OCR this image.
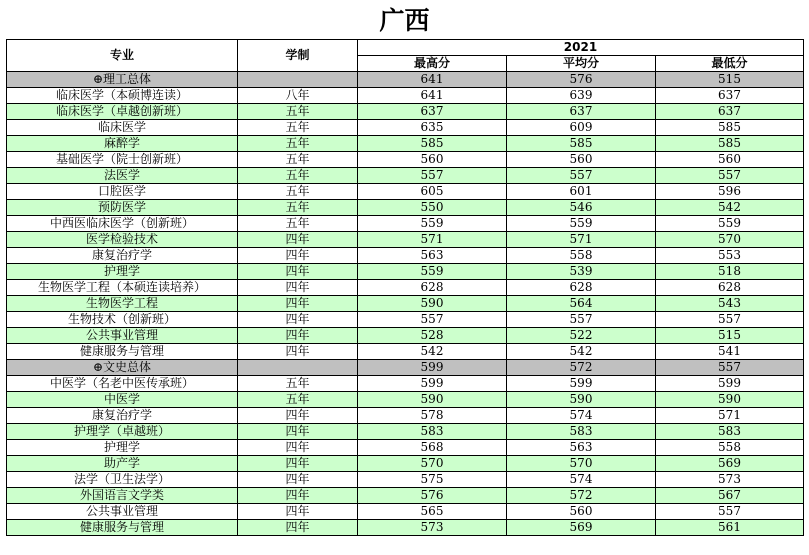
广西
专业	学制	2021		
		最高分	平均分	最低分
⊕理工总体		641	576	515
临床医学（本硕博连读）	八年	641	639	637
临床医学（卓越创新班）	五年	637	637	637
临床医学	五年	635	609	585
麻醉学	五年	585	585	585
基础医学（院士创新班）	五年	560	560	560
法医学	五年	557	557	557
口腔医学	五年	605	601	596
预防医学	五年	550	546	542
中西医临床医学（创新班）	五年	559	559	559
医学检验技术	四年	571	571	570
康复治疗学	四年	563	558	553
护理学	四年	559	539	518
生物医学工程（本硕连读培养）	四年	628	628	628
生物医学工程	四年	590	564	543
生物技术（创新班）	四年	557	557	557
公共事业管理	四年	528	522	515
健康服务与管理	四年	542	542	541
⊕文史总体		599	572	557
中医学（名老中医传承班）	五年	599	599	599
中医学	五年	590	590	590
康复治疗学	四年	578	574	571
护理学（卓越班）	四年	583	583	583
护理学	四年	568	563	558
助产学	四年	570	570	569
法学（卫生法学）	四年	575	574	573
外国语言文学类	四年	576	572	567
公共事业管理	四年	565	560	557
健康服务与管理	四年	573	569	561
